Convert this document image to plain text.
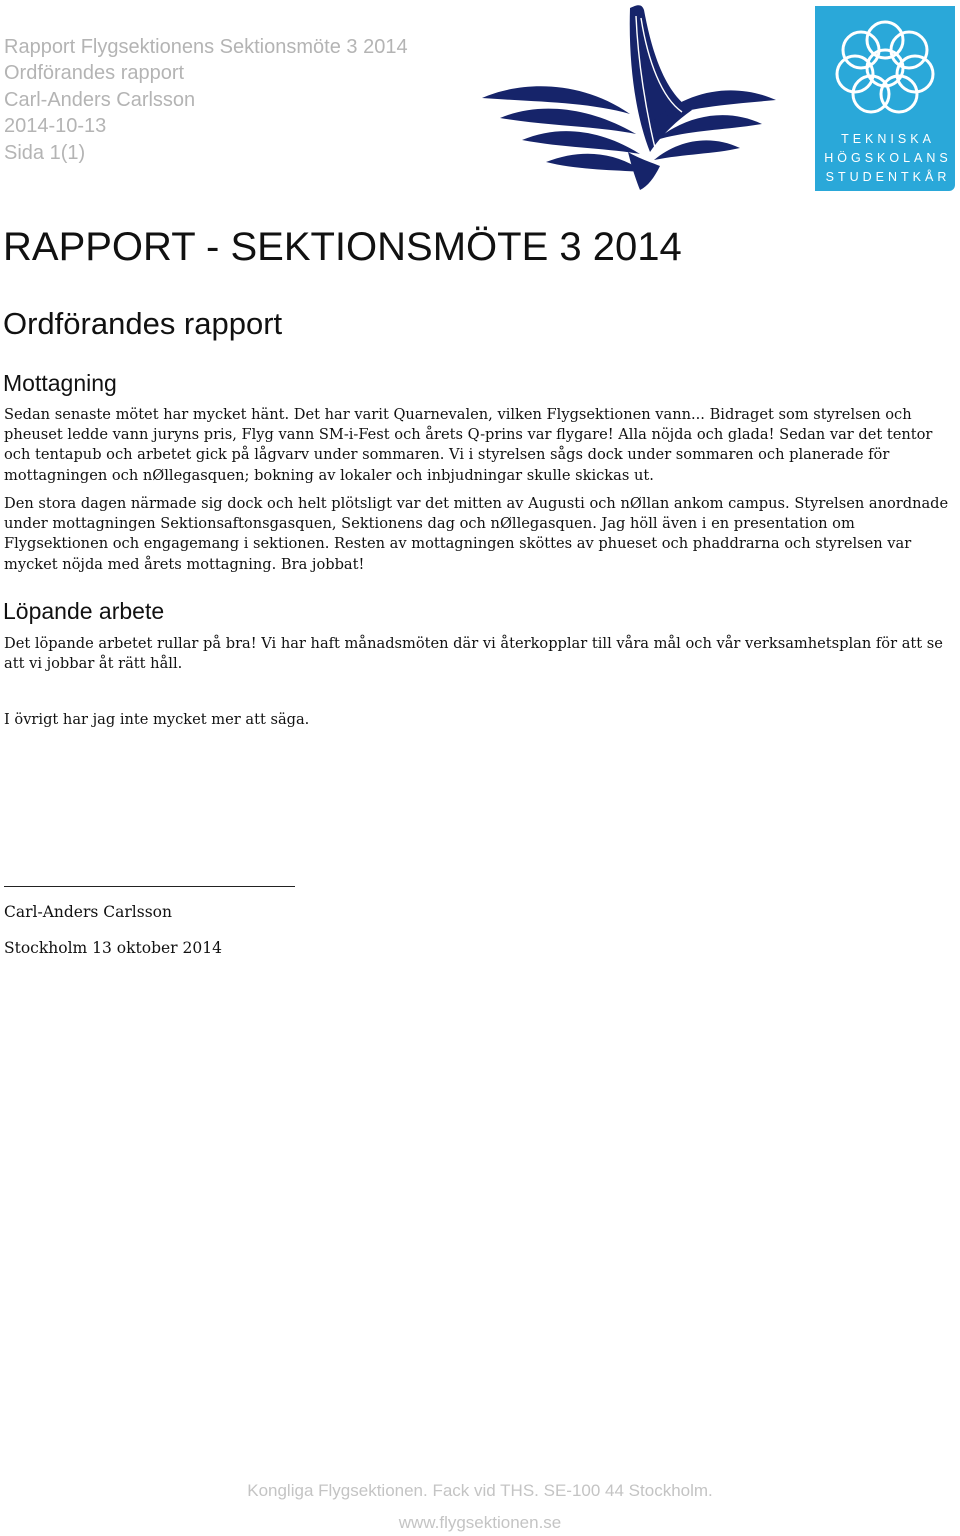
Rapport Flygsektionens Sektionsmöte 3 2014
Ordförandes rapport
Carl-Anders Carlsson
2014-10-13
Sida 1(1)
TEKNISKA
HÖGSKOLANS
STUDENTKÅR
RAPPORT - SEKTIONSMÖTE 3 2014
Ordförandes rapport
Mottagning

Sedan senaste mötet har mycket hänt. Det har varit Quarnevalen, vilken Flygsektionen vann... Bidraget som styrelsen och pheuset ledde vann juryns pris, Flyg vann SM-i-Fest och årets Q-prins var flygare! Alla nöjda och glada! Sedan var det tentor och tentapub och arbetet gick på lågvarv under sommaren. Vi i styrelsen sågs dock under sommaren och planerade för mottagningen och nØllegasquen; bokning av lokaler och inbjudningar skulle skickas ut.

Den stora dagen närmade sig dock och helt plötsligt var det mitten av Augusti och nØllan ankom campus. Styrelsen anordnade under mottagningen Sektionsaftonsgasquen, Sektionens dag och nØllegasquen. Jag höll även i en presentation om Flygsektionen och engagemang i sektionen. Resten av mottagningen sköttes av phueset och phaddrarna och styrelsen var mycket nöjda med årets mottagning. Bra jobbat!

Löpande arbete

Det löpande arbetet rullar på bra! Vi har haft månadsmöten där vi återkopplar till våra mål och vår verksamhetsplan för att se att vi jobbar åt rätt håll.

I övrigt har jag inte mycket mer att säga.

Carl-Anders Carlsson

Stockholm 13 oktober 2014

Kongliga Flygsektionen. Fack vid THS. SE-100 44 Stockholm.
www.flygsektionen.se
